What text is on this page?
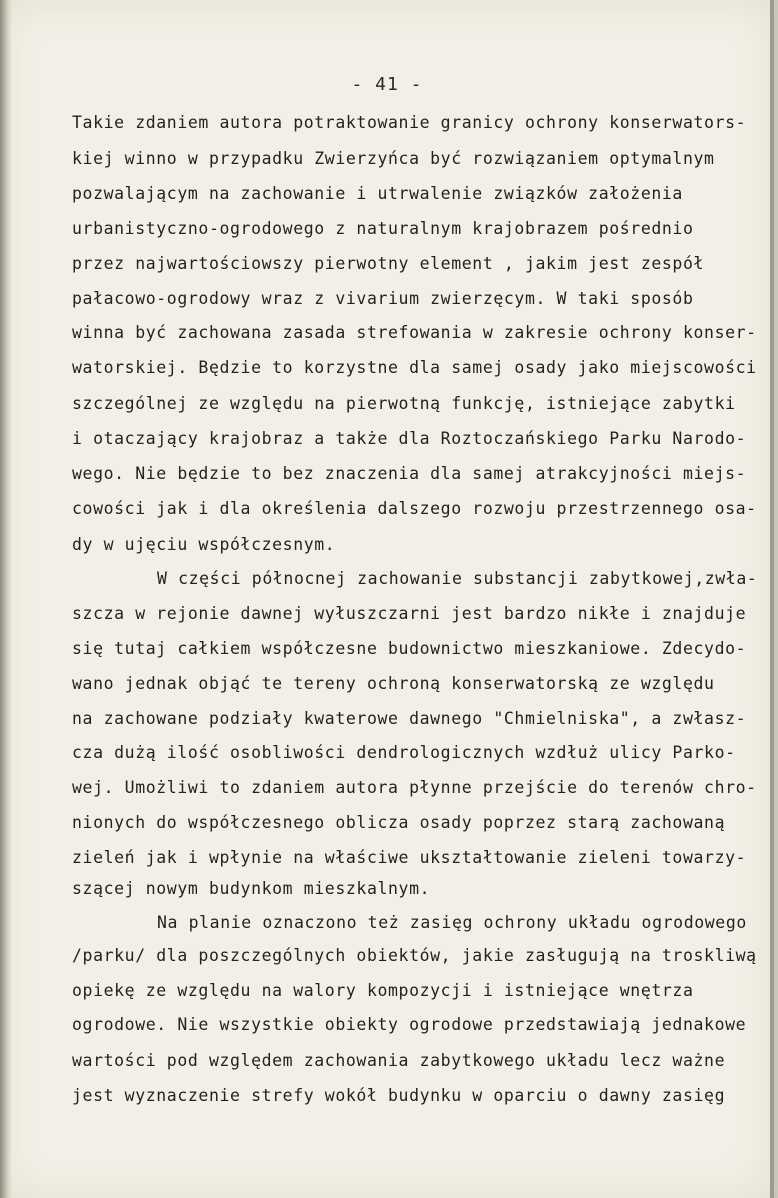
- 41 -
Takie zdaniem autora potraktowanie granicy ochrony konserwators-
kiej winno w przypadku Zwierzyńca być rozwiązaniem optymalnym
pozwalającym na zachowanie i utrwalenie związków założenia
urbanistyczno-ogrodowego z naturalnym krajobrazem pośrednio
przez najwartościowszy pierwotny element , jakim jest zespół
pałacowo-ogrodowy wraz z vivarium zwierzęcym. W taki sposób
winna być zachowana zasada strefowania w zakresie ochrony konser-
watorskiej. Będzie to korzystne dla samej osady jako miejscowości
szczególnej ze względu na pierwotną funkcję, istniejące zabytki
i otaczający krajobraz a także dla Roztoczańskiego Parku Narodo-
wego. Nie będzie to bez znaczenia dla samej atrakcyjności miejs-
cowości jak i dla określenia dalszego rozwoju przestrzennego osa-
dy w ujęciu współczesnym.
W części północnej zachowanie substancji zabytkowej,zwła-
szcza w rejonie dawnej wyłuszczarni jest bardzo nikłe i znajduje
się tutaj całkiem współczesne budownictwo mieszkaniowe. Zdecydo-
wano jednak objąć te tereny ochroną konserwatorską ze względu
na zachowane podziały kwaterowe dawnego "Chmielniska", a zwłasz-
cza dużą ilość osobliwości dendrologicznych wzdłuż ulicy Parko-
wej. Umożliwi to zdaniem autora płynne przejście do terenów chro-
nionych do współczesnego oblicza osady poprzez starą zachowaną
zieleń jak i wpłynie na właściwe ukształtowanie zieleni towarzy-
szącej nowym budynkom mieszkalnym.
Na planie oznaczono też zasięg ochrony układu ogrodowego
/parku/ dla poszczególnych obiektów, jakie zasługują na troskliwą
opiekę ze względu na walory kompozycji i istniejące wnętrza
ogrodowe. Nie wszystkie obiekty ogrodowe przedstawiają jednakowe
wartości pod względem zachowania zabytkowego układu lecz ważne
jest wyznaczenie strefy wokół budynku w oparciu o dawny zasięg
